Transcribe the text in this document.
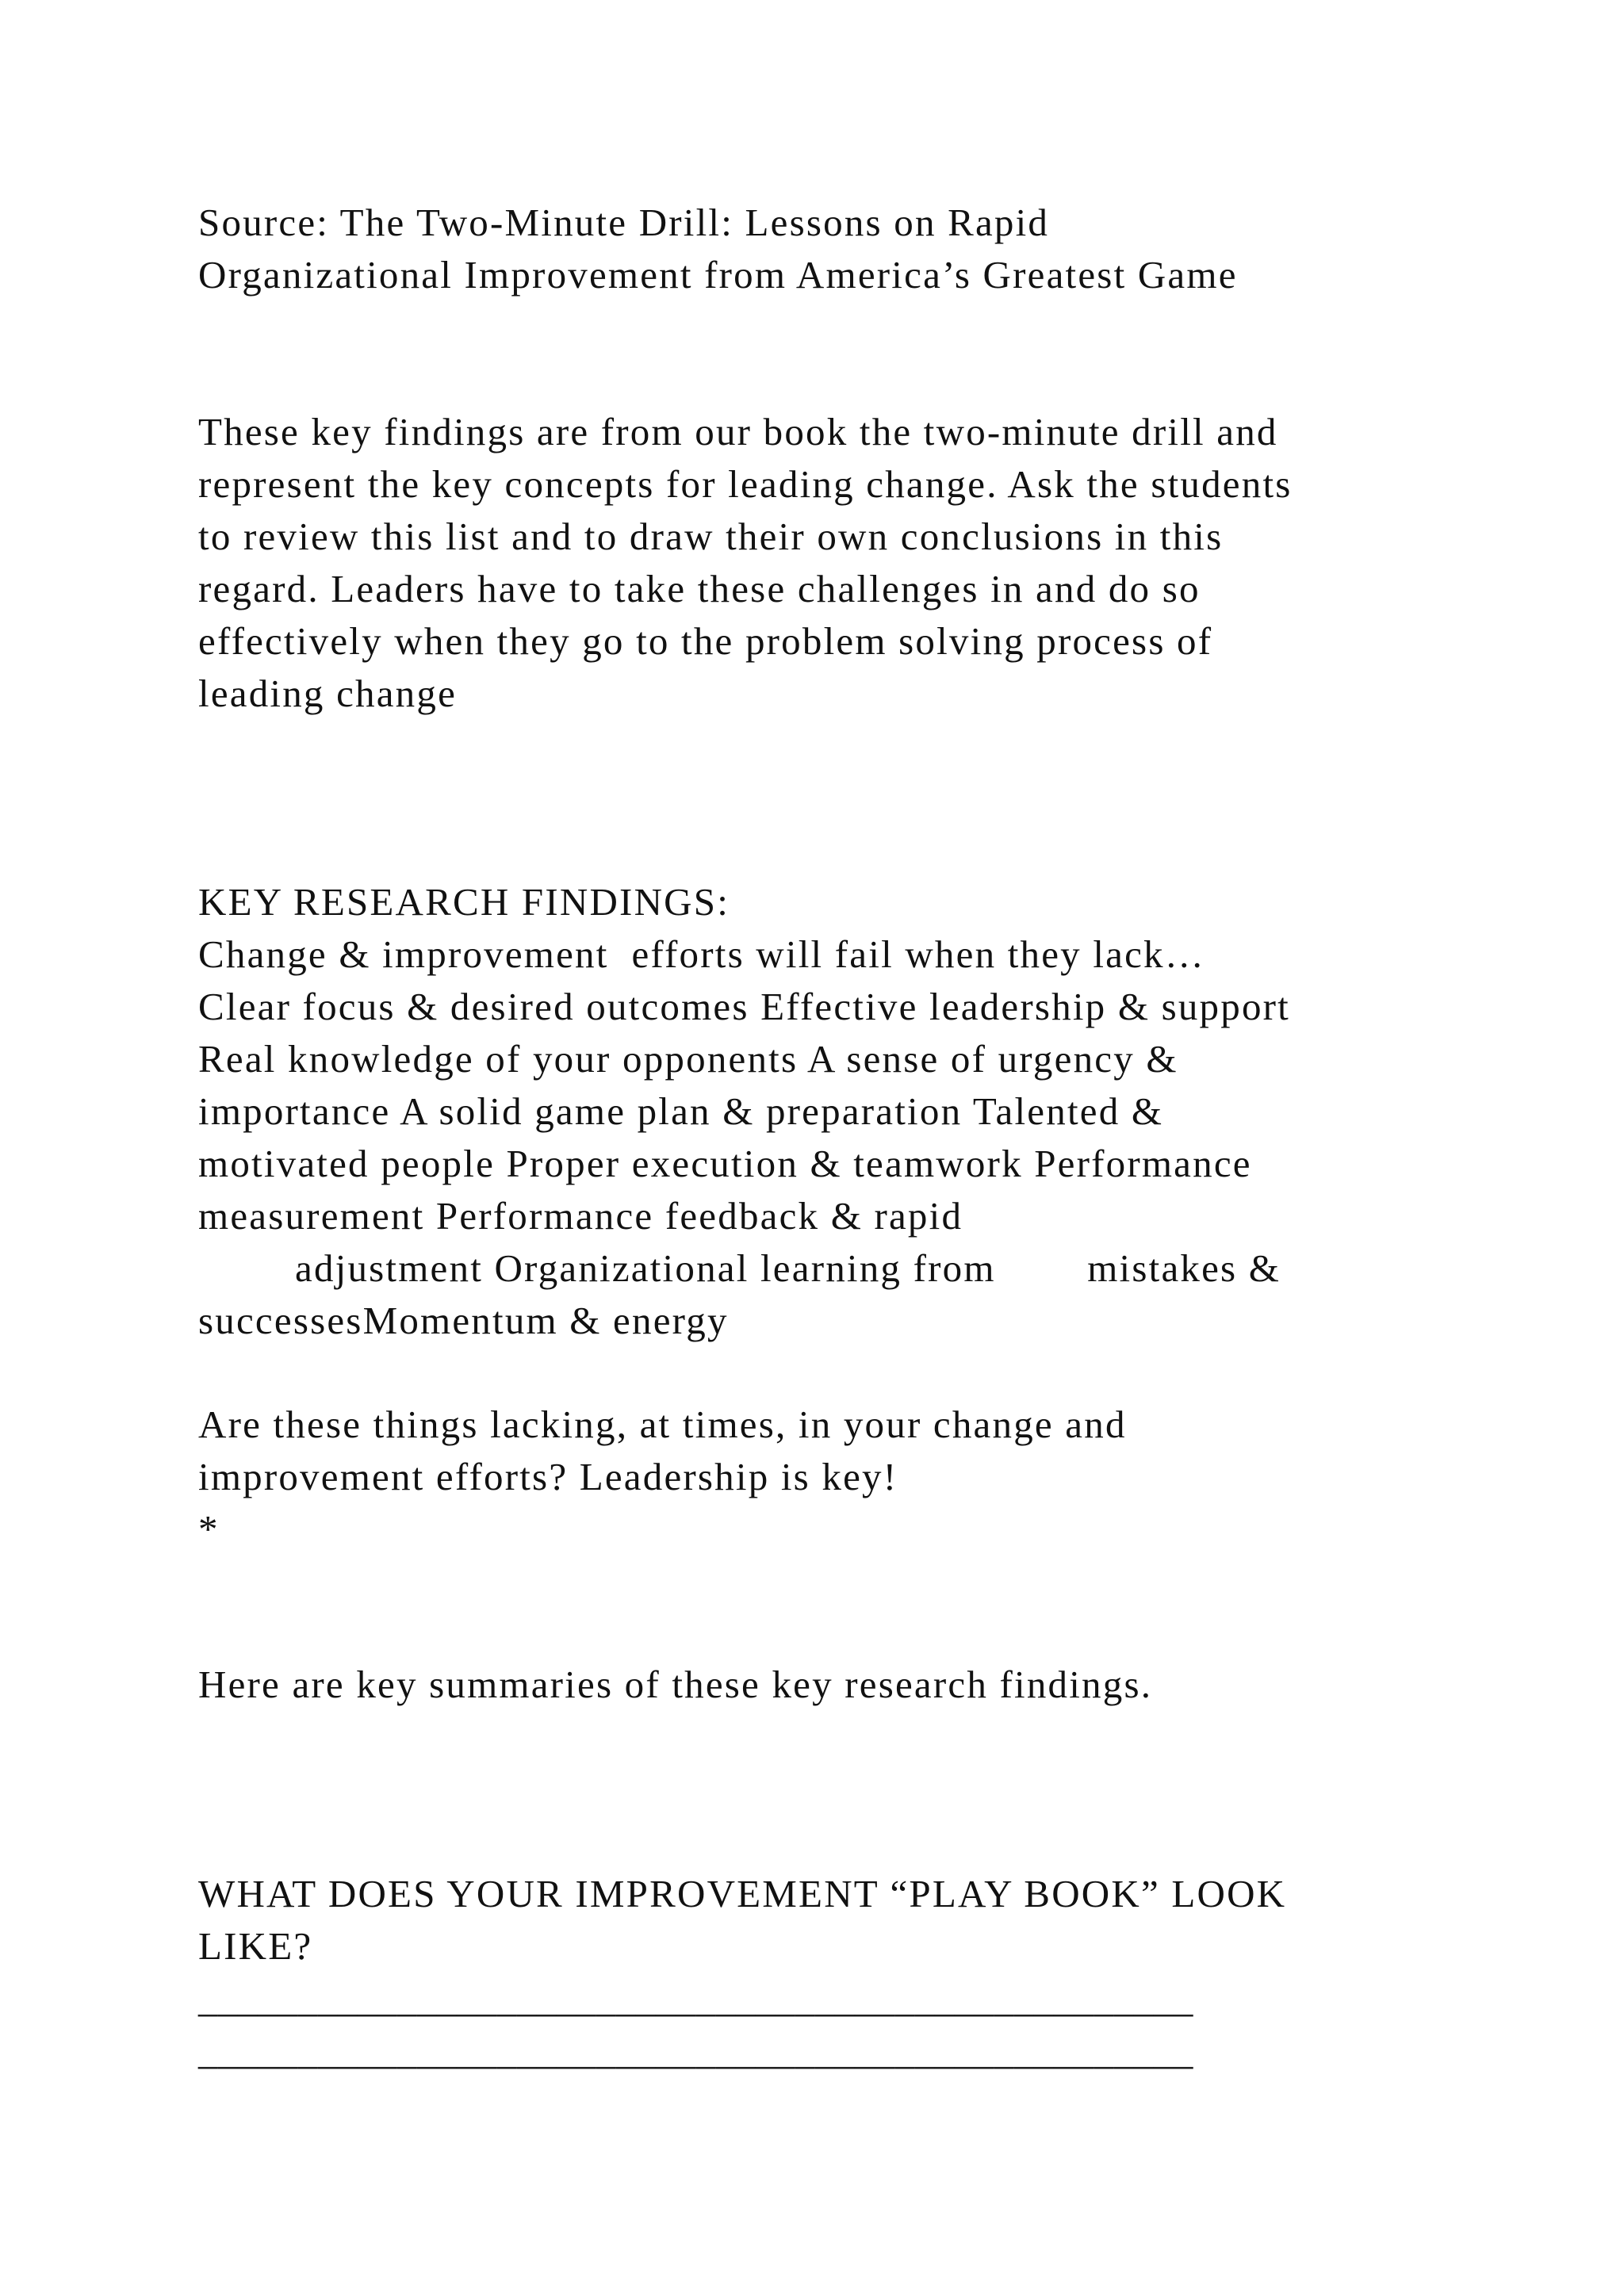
Source: The Two-Minute Drill: Lessons on Rapid
Organizational Improvement from America’s Greatest Game
These key findings are from our book the two-minute drill and
represent the key concepts for leading change. Ask the students
to review this list and to draw their own conclusions in this
regard. Leaders have to take these challenges in and do so
effectively when they go to the problem solving process of
leading change
KEY RESEARCH FINDINGS:
Change & improvement  efforts will fail when they lack…
Clear focus & desired outcomes Effective leadership & support
Real knowledge of your opponents A sense of urgency &
importance A solid game plan & preparation Talented &
motivated people Proper execution & teamwork Performance
measurement Performance feedback & rapid
adjustment Organizational learning from        mistakes &
successesMomentum & energy
Are these things lacking, at times, in your change and
improvement efforts? Leadership is key!
*
Here are key summaries of these key research findings.
WHAT DOES YOUR IMPROVEMENT “PLAY BOOK” LOOK
LIKE?
__________________________________________________
__________________________________________________
